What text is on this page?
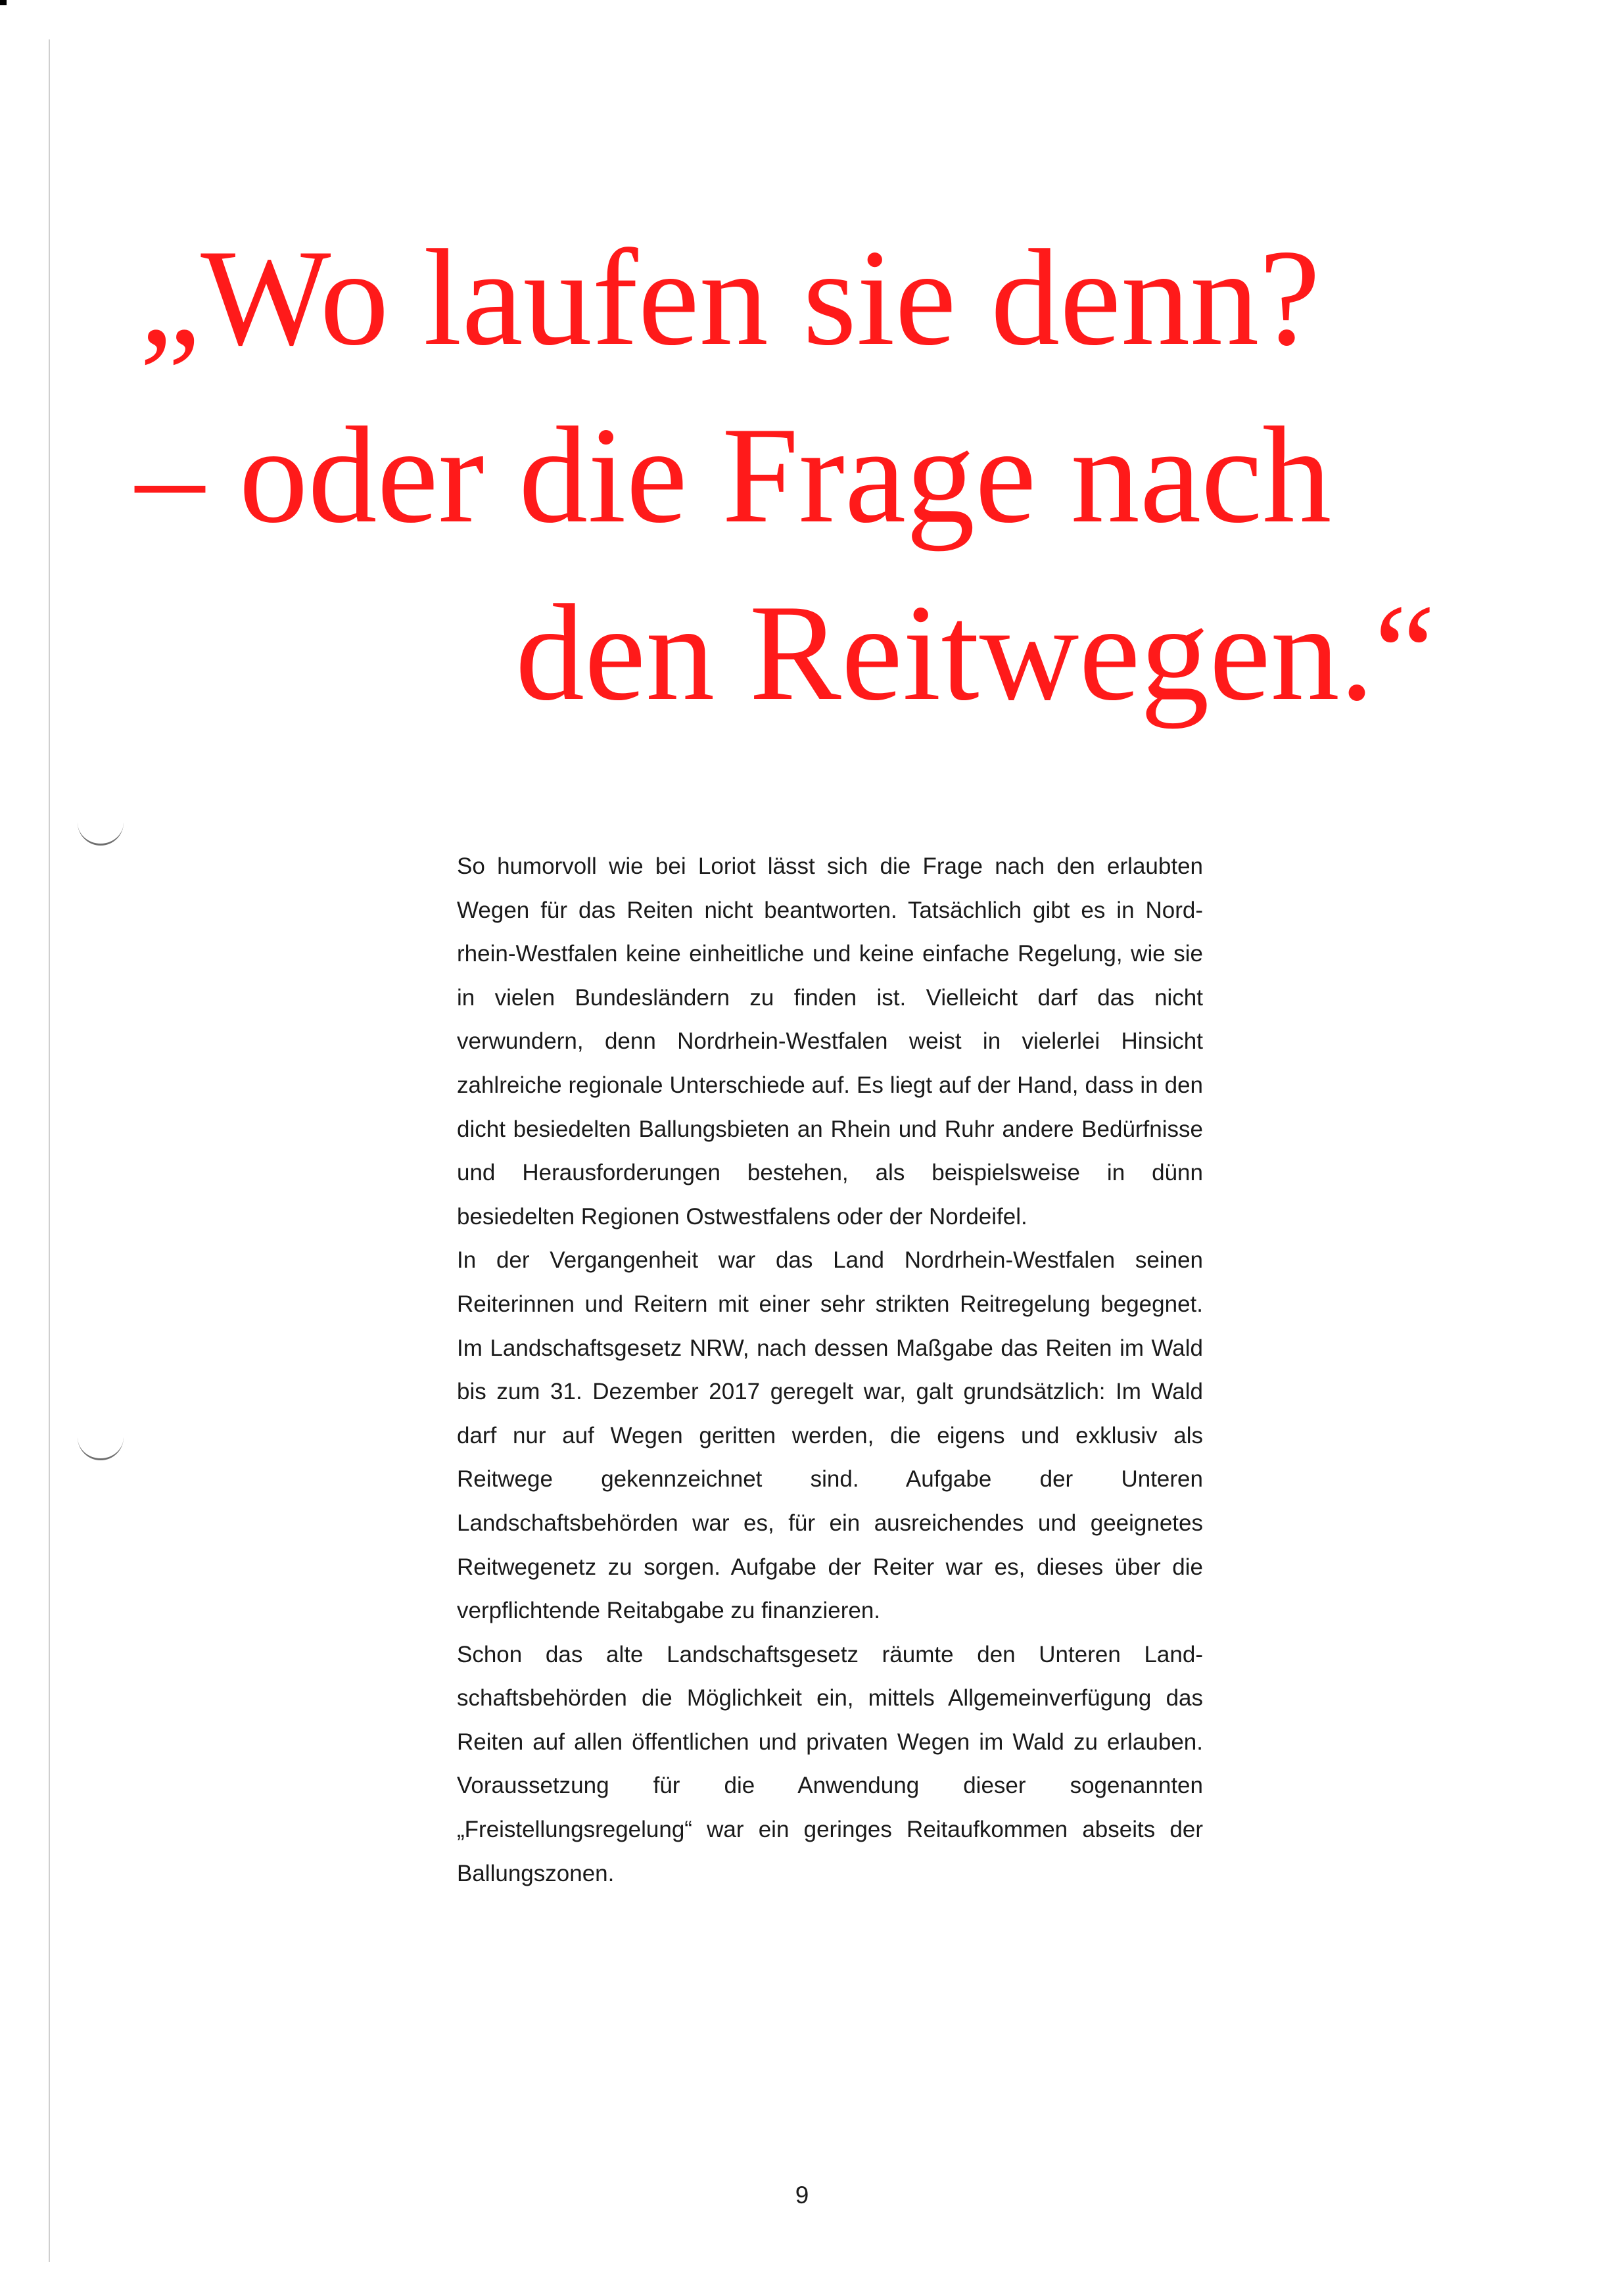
„Wo laufen sie denn?
– oder die Frage nach
den Reitwegen.“

So humorvoll wie bei Loriot lässt sich die Frage nach den erlaubten Wegen für das Reiten nicht beantworten. Tatsächlich gibt es in Nordrhein-Westfalen keine einheitliche und keine einfache Regelung, wie sie in vielen Bundesländern zu finden ist. Vielleicht darf das nicht verwundern, denn Nordrhein-Westfalen weist in vielerlei Hinsicht zahlreiche regionale Unterschiede auf. Es liegt auf der Hand, dass in den dicht besiedelten Ballungsbieten an Rhein und Ruhr andere Bedürfnisse und Herausforderungen bestehen, als beispielsweise in dünn besiedelten Regionen Ostwestfalens oder der Nordeifel.

In der Vergangenheit war das Land Nordrhein-Westfalen seinen Reiterinnen und Reitern mit einer sehr strikten Reitregelung begegnet. Im Landschaftsgesetz NRW, nach dessen Maßgabe das Reiten im Wald bis zum 31. Dezember 2017 geregelt war, galt grundsätzlich: Im Wald darf nur auf Wegen geritten werden, die eigens und exklusiv als Reitwege gekennzeichnet sind. Aufgabe der Unteren Landschaftsbehörden war es, für ein ausreichendes und geeignetes Reitwegenetz zu sorgen. Aufgabe der Reiter war es, dieses über die verpflichtende Reitabgabe zu finanzieren.

Schon das alte Landschaftsgesetz räumte den Unteren Landschaftsbehörden die Möglichkeit ein, mittels Allgemeinverfügung das Reiten auf allen öffentlichen und privaten Wegen im Wald zu erlauben. Voraussetzung für die Anwendung dieser sogenannten „Freistellungsregelung“ war ein geringes Reitaufkommen abseits der Ballungszonen.

9
